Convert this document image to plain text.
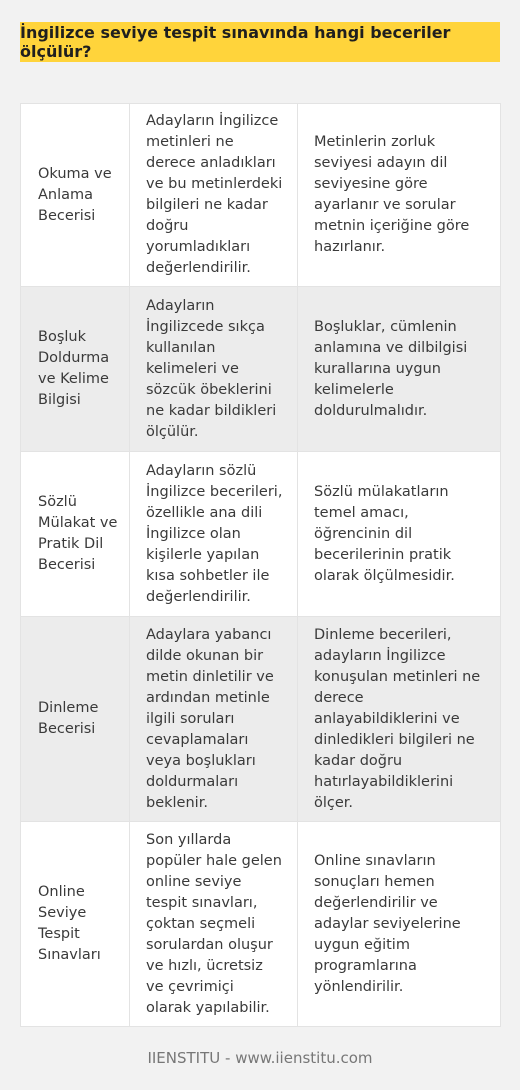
İngilizce seviye tespit sınavında hangi beceriler ölçülür?
Okuma ve Anlama Becerisi	Adayların İngilizce metinleri ne derece anladıkları ve bu metinlerdeki bilgileri ne kadar doğru yorumladıkları değerlendirilir.	Metinlerin zorluk seviyesi adayın dil seviyesine göre ayarlanır ve sorular metnin içeriğine göre hazırlanır.
Boşluk Doldurma ve Kelime Bilgisi	Adayların İngilizcede sıkça kullanılan kelimeleri ve sözcük öbeklerini ne kadar bildikleri ölçülür.	Boşluklar, cümlenin anlamına ve dilbilgisi kurallarına uygun kelimelerle doldurulmalıdır.
Sözlü Mülakat ve Pratik Dil Becerisi	Adayların sözlü İngilizce becerileri, özellikle ana dili İngilizce olan kişilerle yapılan kısa sohbetler ile değerlendirilir.	Sözlü mülakatların temel amacı, öğrencinin dil becerilerinin pratik olarak ölçülmesidir.
Dinleme Becerisi	Adaylara yabancı dilde okunan bir metin dinletilir ve ardından metinle ilgili soruları cevaplamaları veya boşlukları doldurmaları beklenir.	Dinleme becerileri, adayların İngilizce konuşulan metinleri ne derece anlayabildiklerini ve dinledikleri bilgileri ne kadar doğru hatırlayabildiklerini ölçer.
Online Seviye Tespit Sınavları	Son yıllarda popüler hale gelen online seviye tespit sınavları, çoktan seçmeli sorulardan oluşur ve hızlı, ücretsiz ve çevrimiçi olarak yapılabilir.	Online sınavların sonuçları hemen değerlendirilir ve adaylar seviyelerine uygun eğitim programlarına yönlendirilir.
IIENSTITU - www.iienstitu.com
